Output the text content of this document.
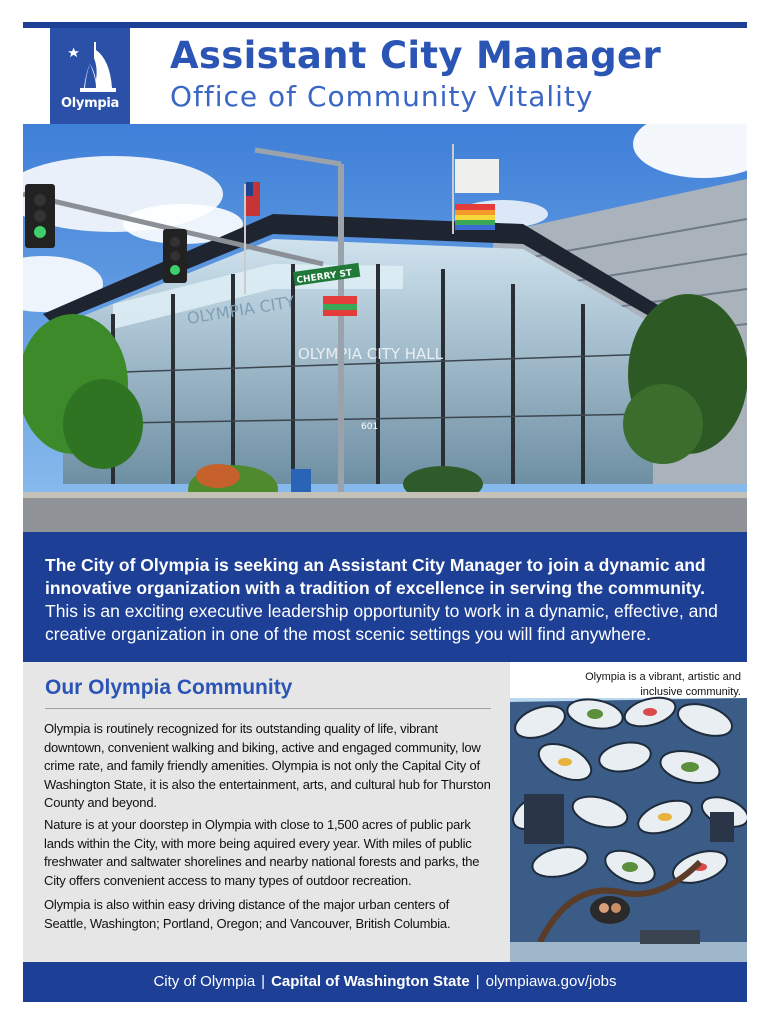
Olympia
Assistant City Manager
Office of Community Vitality
OLYMPIA CITY
OLYMPIA CITY HALL
CHERRY ST
601
The City of Olympia is seeking an Assistant City Manager to join a dynamic and innovative organization with a tradition of excellence in serving the community.
This is an exciting executive leadership opportunity to work in a dynamic, effective, and creative organization in one of the most scenic settings you will find anywhere.
Our Olympia Community
Olympia is routinely recognized for its outstanding quality of life, vibrant downtown, convenient walking and biking, active and engaged community, low crime rate, and family friendly amenities. Olympia is not only the Capital City of Washington State, it is also the entertainment, arts, and cultural hub for Thurston County and beyond.
Nature is at your doorstep in Olympia with close to 1,500 acres of public park lands within the City, with more being aquired every year. With miles of public freshwater and saltwater shorelines and nearby national forests and parks, the City offers convenient access to many types of outdoor recreation.
Olympia is also within easy driving distance of the major urban centers of Seattle, Washington; Portland, Oregon; and Vancouver, British Columbia.
Olympia is a vibrant, artistic and inclusive community.
City of Olympia | Capital of Washington State | olympiawa.gov/jobs
